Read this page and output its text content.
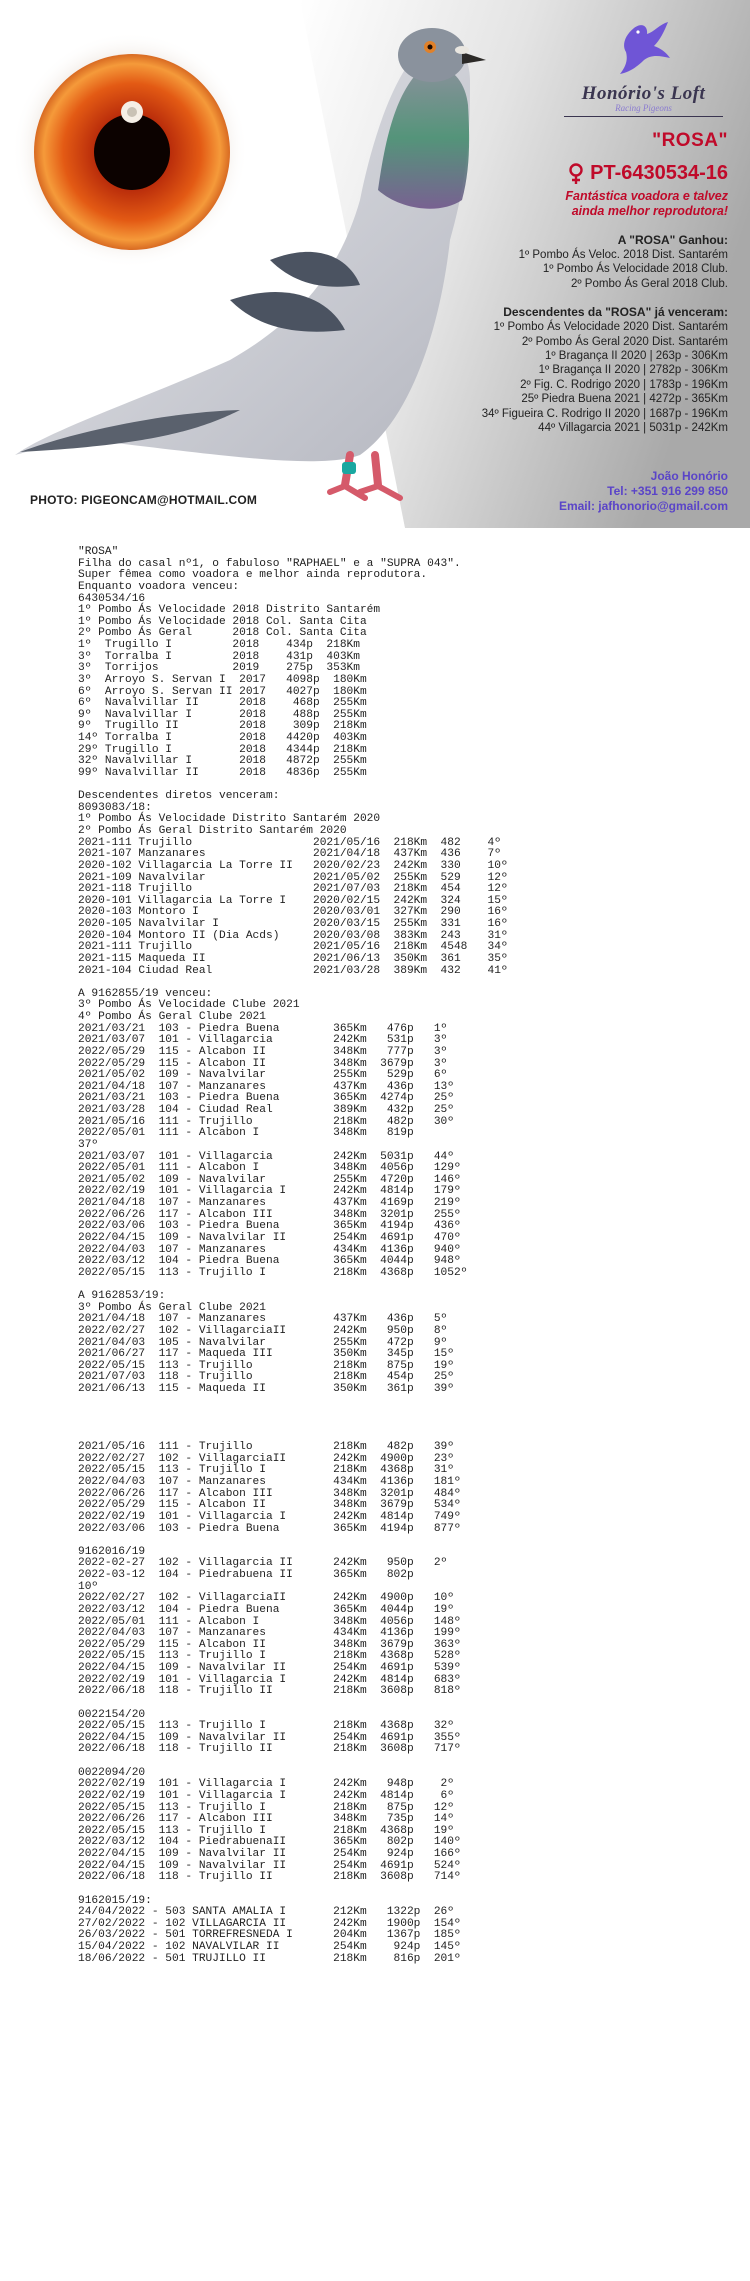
PHOTO: PIGEONCAM@HOTMAIL.COM
Honório's Loft
Racing Pigeons
"ROSA"
PT-6430534-16
Fantástica voadora e talvez
ainda melhor reprodutora!
A "ROSA" Ganhou:
1º Pombo Ás Veloc. 2018 Dist. Santarém
1º Pombo Ás Velocidade 2018 Club.
2º Pombo Ás Geral 2018 Club.
Descendentes da "ROSA" já venceram:
1º Pombo Ás Velocidade 2020 Dist. Santarém
2º Pombo Ás Geral 2020 Dist. Santarém
1º Bragança II 2020 | 263p - 306Km
1º Bragança II 2020 | 2782p - 306Km
2º Fig. C. Rodrigo 2020 | 1783p - 196Km
25º Piedra Buena 2021 | 4272p - 365Km
34º Figueira C. Rodrigo II 2020 | 1687p - 196Km
44º Villagarcia 2021 | 5031p - 242Km
João Honório
Tel: +351 916 299 850
Email: jafhonorio@gmail.com
"ROSA"
Filha do casal nº1, o fabuloso "RAPHAEL" e a "SUPRA 043".
Super fêmea como voadora e melhor ainda reprodutora.
Enquanto voadora venceu:
6430534/16
1º Pombo Ás Velocidade 2018 Distrito Santarém
1º Pombo Ás Velocidade 2018 Col. Santa Cita
2º Pombo Ás Geral      2018 Col. Santa Cita
1º  Trugillo I         2018    434p  218Km
3º  Torralba I         2018    431p  403Km
3º  Torrijos           2019    275p  353Km
3º  Arroyo S. Servan I  2017   4098p  180Km
6º  Arroyo S. Servan II 2017   4027p  180Km
6º  Navalvillar II      2018    468p  255Km
9º  Navalvillar I       2018    488p  255Km
9º  Trugillo II         2018    309p  218Km
14º Torralba I          2018   4420p  403Km
29º Trugillo I          2018   4344p  218Km
32º Navalvillar I       2018   4872p  255Km
99º Navalvillar II      2018   4836p  255Km

Descendentes diretos venceram:
8093083/18:
1º Pombo Ás Velocidade Distrito Santarém 2020
2º Pombo Ás Geral Distrito Santarém 2020
2021-111 Trujillo                  2021/05/16  218Km  482    4º
2021-107 Manzanares                2021/04/18  437Km  436    7º
2020-102 Villagarcia La Torre II   2020/02/23  242Km  330    10º
2021-109 Navalvilar                2021/05/02  255Km  529    12º
2021-118 Trujillo                  2021/07/03  218Km  454    12º
2020-101 Villagarcia La Torre I    2020/02/15  242Km  324    15º
2020-103 Montoro I                 2020/03/01  327Km  290    16º
2020-105 Navalvilar I              2020/03/15  255Km  331    16º
2020-104 Montoro II (Dia Acds)     2020/03/08  383Km  243    31º
2021-111 Trujillo                  2021/05/16  218Km  4548   34º
2021-115 Maqueda II                2021/06/13  350Km  361    35º
2021-104 Ciudad Real               2021/03/28  389Km  432    41º

A 9162855/19 venceu:
3º Pombo Ás Velocidade Clube 2021
4º Pombo Ás Geral Clube 2021
2021/03/21  103 - Piedra Buena        365Km   476p   1º
2021/03/07  101 - Villagarcia         242Km   531p   3º
2022/05/29  115 - Alcabon II          348Km   777p   3º
2022/05/29  115 - Alcabon II          348Km  3679p   3º
2021/05/02  109 - Navalvilar          255Km   529p   6º
2021/04/18  107 - Manzanares          437Km   436p   13º
2021/03/21  103 - Piedra Buena        365Km  4274p   25º
2021/03/28  104 - Ciudad Real         389Km   432p   25º
2021/05/16  111 - Trujillo            218Km   482p   30º
2022/05/01  111 - Alcabon I           348Km   819p
37º
2021/03/07  101 - Villagarcia         242Km  5031p   44º
2022/05/01  111 - Alcabon I           348Km  4056p   129º
2021/05/02  109 - Navalvilar          255Km  4720p   146º
2022/02/19  101 - Villagarcia I       242Km  4814p   179º
2021/04/18  107 - Manzanares          437Km  4169p   219º
2022/06/26  117 - Alcabon III         348Km  3201p   255º
2022/03/06  103 - Piedra Buena        365Km  4194p   436º
2022/04/15  109 - Navalvilar II       254Km  4691p   470º
2022/04/03  107 - Manzanares          434Km  4136p   940º
2022/03/12  104 - Piedra Buena        365Km  4044p   948º
2022/05/15  113 - Trujillo I          218Km  4368p   1052º

A 9162853/19:
3º Pombo Ás Geral Clube 2021
2021/04/18  107 - Manzanares          437Km   436p   5º
2022/02/27  102 - VillagarciaII       242Km   950p   8º
2021/04/03  105 - Navalvilar          255Km   472p   9º
2021/06/27  117 - Maqueda III         350Km   345p   15º
2022/05/15  113 - Trujillo            218Km   875p   19º
2021/07/03  118 - Trujillo            218Km   454p   25º
2021/06/13  115 - Maqueda II          350Km   361p   39º

2021/05/16  111 - Trujillo            218Km   482p   39º
2022/02/27  102 - VillagarciaII       242Km  4900p   23º
2022/05/15  113 - Trujillo I          218Km  4368p   31º
2022/04/03  107 - Manzanares          434Km  4136p   181º
2022/06/26  117 - Alcabon III         348Km  3201p   484º
2022/05/29  115 - Alcabon II          348Km  3679p   534º
2022/02/19  101 - Villagarcia I       242Km  4814p   749º
2022/03/06  103 - Piedra Buena        365Km  4194p   877º

9162016/19
2022-02-27  102 - Villagarcia II      242Km   950p   2º
2022-03-12  104 - Piedrabuena II      365Km   802p
10º
2022/02/27  102 - VillagarciaII       242Km  4900p   10º
2022/03/12  104 - Piedra Buena        365Km  4044p   19º
2022/05/01  111 - Alcabon I           348Km  4056p   148º
2022/04/03  107 - Manzanares          434Km  4136p   199º
2022/05/29  115 - Alcabon II          348Km  3679p   363º
2022/05/15  113 - Trujillo I          218Km  4368p   528º
2022/04/15  109 - Navalvilar II       254Km  4691p   539º
2022/02/19  101 - Villagarcia I       242Km  4814p   683º
2022/06/18  118 - Trujillo II         218Km  3608p   818º

0022154/20
2022/05/15  113 - Trujillo I          218Km  4368p   32º
2022/04/15  109 - Navalvilar II       254Km  4691p   355º
2022/06/18  118 - Trujillo II         218Km  3608p   717º

0022094/20
2022/02/19  101 - Villagarcia I       242Km   948p    2º
2022/02/19  101 - Villagarcia I       242Km  4814p    6º
2022/05/15  113 - Trujillo I          218Km   875p   12º
2022/06/26  117 - Alcabon III         348Km   735p   14º
2022/05/15  113 - Trujillo I          218Km  4368p   19º
2022/03/12  104 - PiedrabuenaII       365Km   802p   140º
2022/04/15  109 - Navalvilar II       254Km   924p   166º
2022/04/15  109 - Navalvilar II       254Km  4691p   524º
2022/06/18  118 - Trujillo II         218Km  3608p   714º

9162015/19:
24/04/2022 - 503 SANTA AMALIA I       212Km   1322p  26º
27/02/2022 - 102 VILLAGARCIA II       242Km   1900p  154º
26/03/2022 - 501 TORREFRESNEDA I      204Km   1367p  185º
15/04/2022 - 102 NAVALVILAR II        254Km    924p  145º
18/06/2022 - 501 TRUJILLO II          218Km    816p  201º
